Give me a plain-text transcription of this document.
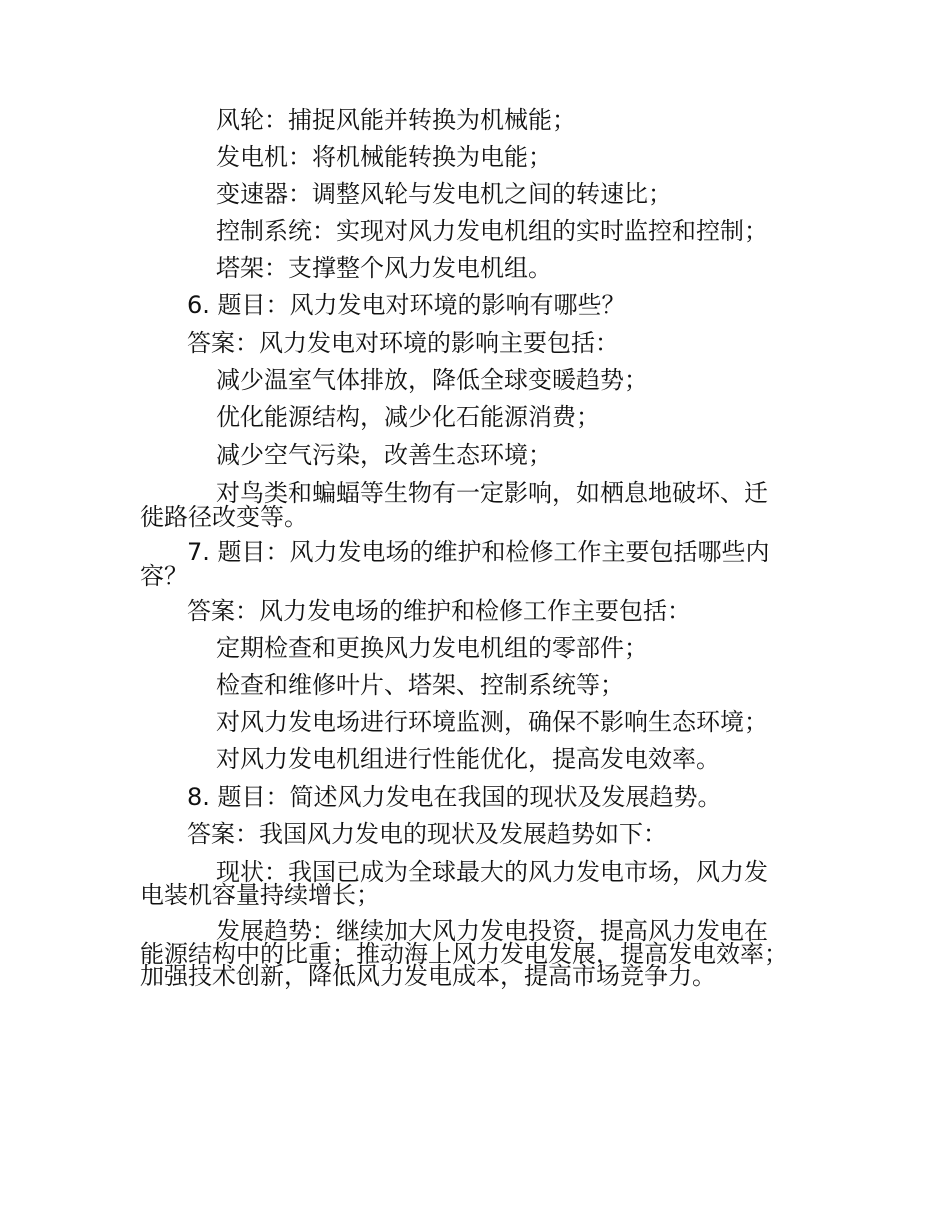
风轮：捕捉风能并转换为机械能；

发电机：将机械能转换为电能；

变速器：调整风轮与发电机之间的转速比；

控制系统：实现对风力发电机组的实时监控和控制；

塔架：支撑整个风力发电机组。

6. 题目：风力发电对环境的影响有哪些？

答案：风力发电对环境的影响主要包括：

减少温室气体排放，降低全球变暖趋势；

优化能源结构，减少化石能源消费；

减少空气污染，改善生态环境；

对鸟类和蝙蝠等生物有一定影响，如栖息地破坏、迁

徙路径改变等。

7. 题目：风力发电场的维护和检修工作主要包括哪些内

容？

答案：风力发电场的维护和检修工作主要包括：

定期检查和更换风力发电机组的零部件；

检查和维修叶片、塔架、控制系统等；

对风力发电场进行环境监测，确保不影响生态环境；

对风力发电机组进行性能优化，提高发电效率。

8. 题目：简述风力发电在我国的现状及发展趋势。

答案：我国风力发电的现状及发展趋势如下：

现状：我国已成为全球最大的风力发电市场，风力发

电装机容量持续增长；

发展趋势：继续加大风力发电投资，提高风力发电在

能源结构中的比重；推动海上风力发电发展，提高发电效率；

加强技术创新，降低风力发电成本，提高市场竞争力。
